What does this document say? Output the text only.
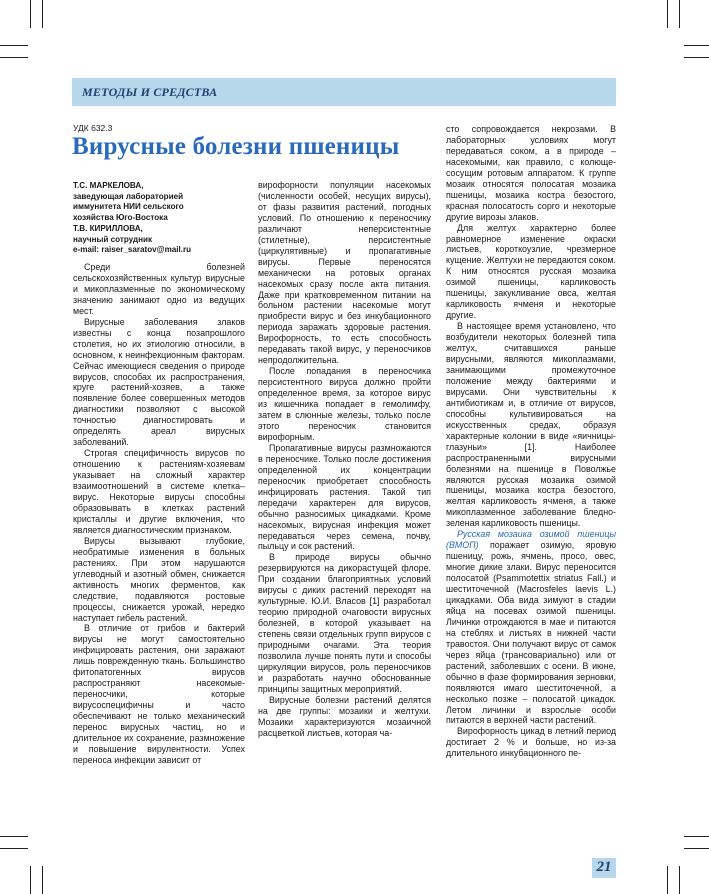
МЕТОДЫ И СРЕДСТВА
УДК 632.3
Вирусные болезни пшеницы
Т.С. МАРКЕЛОВА,
заведующая лабораторией
иммунитета НИИ сельского
хозяйства Юго-Востока
Т.В. КИРИЛЛОВА,
научный сотрудник
e-mail: raiser_saratov@mail.ru

Среди болезней сельскохозяйственных культур вирусные и микоплазменные по экономическому значению занимают одно из ведущих мест.

Вирусные заболевания злаков известны с конца позапрошлого столетия, но их этиологию относили, в основном, к неинфекционным факторам. Сейчас имеющиеся сведения о природе вирусов, способах их распространения, круге растений-хозяев, а также появление более совершенных методов диагностики позволяют с высокой точностью диагностировать и определять ареал вирусных заболеваний.

Строгая специфичность вирусов по отношению к растениям-хозяевам указывает на сложный характер взаимоотношений в системе клетка–вирус. Некоторые вирусы способны образовывать в клетках растений кристаллы и другие включения, что является диагностическим признаком.

Вирусы вызывают глубокие, необратимые изменения в больных растениях. При этом нарушаются углеводный и азотный обмен, снижается активность многих ферментов, как следствие, подавляются ростовые процессы, снижается урожай, нередко наступает гибель растений.

В отличие от грибов и бактерий вирусы не могут самостоятельно инфицировать растения, они заражают лишь поврежденную ткань. Большинство фитопатогенных вирусов распространяют насекомые-переносчики, которые вирусоспецифичны и часто обеспечивают не только механический перенос вирусных частиц, но и длительное их сохранение, размножение и повышение вирулентности. Успех переноса инфекции зависит от

вирофорности популяции насекомых (численности особей, несущих вирусы), от фазы развития растений, погодных условий. По отношению к переносчику различают неперсистентные (стилетные), персистентные (циркулятивные) и пропагативные вирусы. Первые переносятся механически на ротовых органах насекомых сразу после акта питания. Даже при кратковременном питании на больном растении насекомые могут приобрести вирус и без инкубационного периода заражать здоровые растения. Вирофорность, то есть способность передавать такой вирус, у переносчиков непродолжительна.

После попадания в переносчика персистентного вируса должно пройти определенное время, за которое вирус из кишечника попадает в гемолимфу, затем в слюнные железы, только после этого переносчик становится вирофорным.

Пропагативные вирусы размножаются в переносчике. Только после достижения определенной их концентрации переносчик приобретает способность инфицировать растения. Такой тип передачи характерен для вирусов, обычно разносимых цикадками. Кроме насекомых, вирусная инфекция может передаваться через семена, почву, пыльцу и сок растений.

В природе вирусы обычно резервируются на дикорастущей флоре. При создании благоприятных условий вирусы с диких растений переходят на культурные. Ю.И. Власов [1] разработал теорию природной очаговости вирусных болезней, в которой указывает на степень связи отдельных групп вирусов с природными очагами. Эта теория позволила лучше понять пути и способы циркуляции вирусов, роль переносчиков и разработать научно обоснованные принципы защитных мероприятий.

Вирусные болезни растений делятся на две группы: мозаики и желтухи. Мозаики характеризуются мозаичной расцветкой листьев, которая ча-

сто сопровождается некрозами. В лабораторных условиях могут передаваться соком, а в природе – насекомыми, как правило, с колюще-сосущим ротовым аппаратом. К группе мозаик относятся полосатая мозаика пшеницы, мозаика костра безостого, красная полосатость сорго и некоторые другие вирозы злаков.

Для желтух характерно более равномерное изменение окраски листьев, короткоузлие, чрезмерное кущение. Желтухи не передаются соком. К ним относятся русская мозаика озимой пшеницы, карликовость пшеницы, закукливание овса, желтая карликовость ячменя и некоторые другие.

В настоящее время установлено, что возбудители некоторых болезней типа желтух, считавшихся раньше вирусными, являются микоплазмами, занимающими промежуточное положение между бактериями и вирусами. Они чувствительны к антибиотикам и, в отличие от вирусов, способны культивироваться на искусственных средах, образуя характерные колонии в виде «яичницы-глазуньи» [1]. Наиболее распространенными вирусными болезнями на пшенице в Поволжье являются русская мозаика озимой пшеницы, мозаика костра безостого, желтая карликовость ячменя, а также микоплазменное заболевание бледно-зеленая карликовость пшеницы.

Русская мозаика озимой пшеницы (ВМОП) поражает озимую, яровую пшеницу, рожь, ячмень, просо, овес, многие дикие злаки. Вирус переносится полосатой (Psammotettix striatus Fall.) и шеститочечной (Macrosfeles laevis L.) цикадками. Оба вида зимуют в стадии яйца на посевах озимой пшеницы. Личинки отрождаются в мае и питаются на стеблях и листьях в нижней части травостоя. Они получают вирус от самок через яйца (трансовариально) или от растений, заболевших с осени. В июне, обычно в фазе формирования зерновки, появляются имаго шеститочечной, а несколько позже – полосатой цикадок. Летом личинки и взрослые особи питаются в верхней части растений.

Вирофорность цикад в летний период достигает 2 % и больше, но из-за длительного инкубационного пе-

21
